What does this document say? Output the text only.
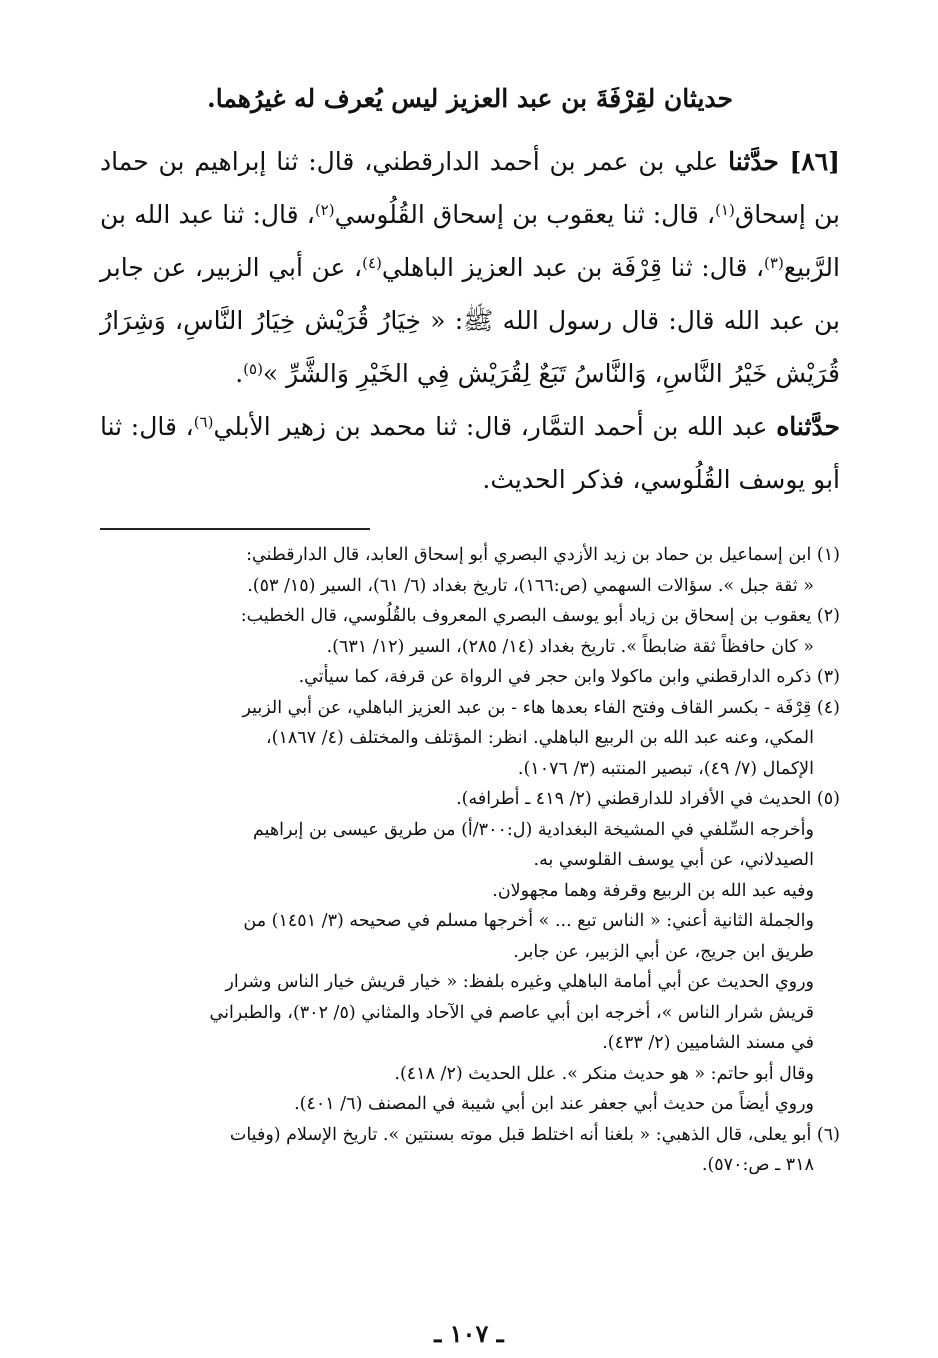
حديثان لقِرْفَةَ بن عبد العزيز ليس يُعرف له غيرُهما.

[٨٦] حدَّثنا علي بن عمر بن أحمد الدارقطني، قال: ثنا إبراهيم بن حماد بن إسحاق$^{(١)}$، قال: ثنا يعقوب بن إسحاق القُلُوسي$^{(٢)}$، قال: ثنا عبد الله بن الرَّبيع$^{(٣)}$، قال: ثنا قِرْفَة بن عبد العزيز الباهلي$^{(٤)}$، عن أبي الزبير، عن جابر بن عبد الله قال: قال رسول الله ﷺ: « خِيَارُ قُرَيْش خِيَارُ النَّاسِ، وَشِرَارُ قُرَيْش خَيْرُ النَّاسِ، وَالنَّاسُ تَبَعٌ لِقُرَيْش فِي الخَيْرِ وَالشَّرِّ »$^{(٥)}$.

حدَّثناه عبد الله بن أحمد التمَّار، قال: ثنا محمد بن زهير الأبلي$^{(٦)}$، قال: ثنا أبو يوسف القُلُوسي، فذكر الحديث.

(١) ابن إسماعيل بن حماد بن زيد الأزدي البصري أبو إسحاق العابد، قال الدارقطني:
« ثقة جبل ». سؤالات السهمي (ص:١٦٦)، تاريخ بغداد (٦/ ٦١)، السير (١٥/ ٥٣).
(٢) يعقوب بن إسحاق بن زياد أبو يوسف البصري المعروف بالقُلُوسي، قال الخطيب:
« كان حافظاً ثقة ضابطاً ». تاريخ بغداد (١٤/ ٢٨٥)، السير (١٢/ ٦٣١).
(٣) ذكره الدارقطني وابن ماكولا وابن حجر في الرواة عن قرفة، كما سيأتي.
(٤) قِرْفَة - بكسر القاف وفتح الفاء بعدها هاء - بن عبد العزيز الباهلي، عن أبي الزبير
المكي، وعنه عبد الله بن الربيع الباهلي. انظر: المؤتلف والمختلف (٤/ ١٨٦٧)،
الإكمال (٧/ ٤٩)، تبصير المنتبه (٣/ ١٠٧٦).
(٥) الحديث في الأفراد للدارقطني (٢/ ٤١٩ ـ أطرافه).
وأخرجه السِّلفي في المشيخة البغدادية (ل:٣٠٠/أ) من طريق عيسى بن إبراهيم
الصيدلاني، عن أبي يوسف القلوسي به.
وفيه عبد الله بن الربيع وقرفة وهما مجهولان.
والجملة الثانية أعني: « الناس تبع ... » أخرجها مسلم في صحيحه (٣/ ١٤٥١) من
طريق ابن جريج، عن أبي الزبير، عن جابر.
وروي الحديث عن أبي أمامة الباهلي وغيره بلفظ: « خيار قريش خيار الناس وشرار
قريش شرار الناس »، أخرجه ابن أبي عاصم في الآحاد والمثاني (٥/ ٣٠٢)، والطبراني
في مسند الشاميين (٢/ ٤٣٣).
وقال أبو حاتم: « هو حديث منكر ». علل الحديث (٢/ ٤١٨).
وروي أيضاً من حديث أبي جعفر عند ابن أبي شيبة في المصنف (٦/ ٤٠١).
(٦) أبو يعلى، قال الذهبي: « بلغنا أنه اختلط قبل موته بسنتين ». تاريخ الإسلام (وفيات
٣١٨ ـ ص:٥٧٠).
ـ ١٠٧ ـ
